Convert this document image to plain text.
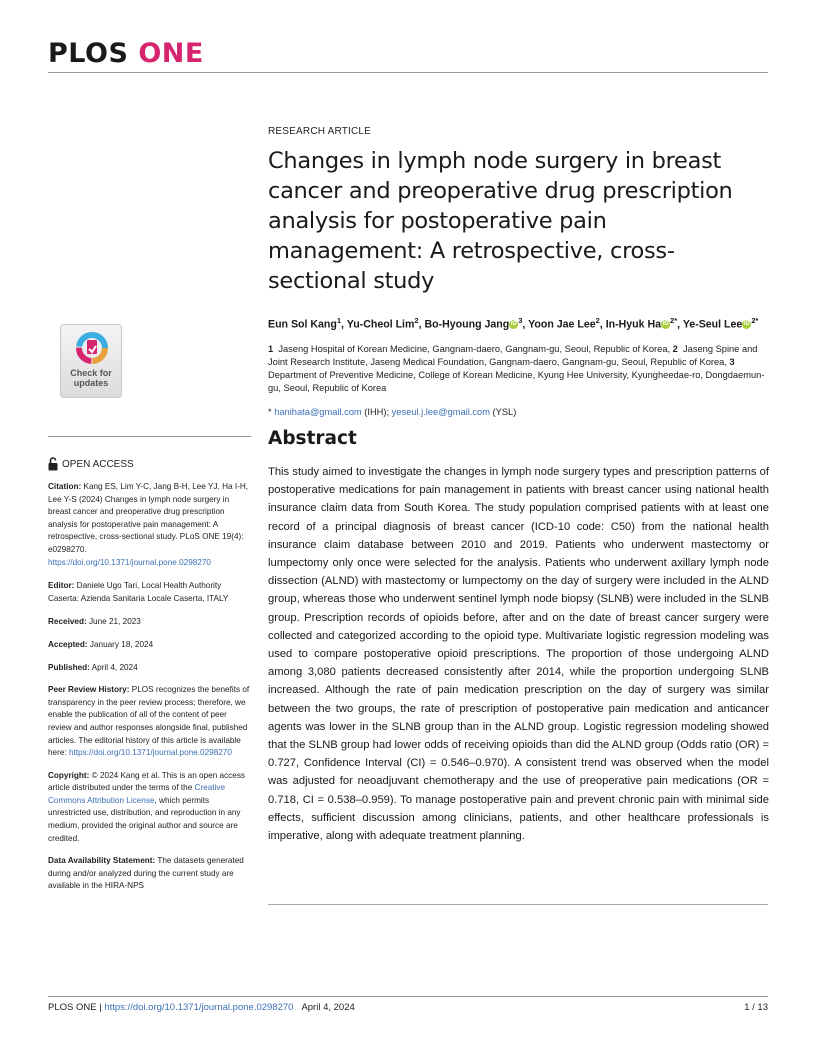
PLOS ONE
RESEARCH ARTICLE
Changes in lymph node surgery in breast cancer and preoperative drug prescription analysis for postoperative pain management: A retrospective, cross-sectional study
Eun Sol Kang$^1$, Yu-Cheol Lim$^2$, Bo-Hyoung Jang iD $^3$, Yoon Jae Lee$^2$, In-Hyuk Ha iD $^{2*}$, Ye-Seul Lee iD $^{2*}$
1 Jaseng Hospital of Korean Medicine, Gangnam-daero, Gangnam-gu, Seoul, Republic of Korea, 2 Jaseng Spine and Joint Research Institute, Jaseng Medical Foundation, Gangnam-daero, Gangnam-gu, Seoul, Republic of Korea, 3  Department of Preventive Medicine, College of Korean Medicine, Kyung Hee University, Kyungheedae-ro, Dongdaemun-gu, Seoul, Republic of Korea
* hanihata@gmail.com (IHH); yeseul.j.lee@gmail.com (YSL)
Check for
updates
Abstract

This study aimed to investigate the changes in lymph node surgery types and prescription patterns of postoperative medications for pain management in patients with breast cancer using national health insurance claim data from South Korea. The study population comprised patients with at least one record of a principal diagnosis of breast cancer (ICD-10 code: C50) from the national health insurance claim database between 2010 and 2019. Patients who underwent mastectomy or lumpectomy only once were selected for the analysis. Patients who underwent axillary lymph node dissection (ALND) with mastectomy or lumpectomy on the day of surgery were included in the ALND group, whereas those who underwent sentinel lymph node biopsy (SLNB) were included in the SLNB group. Prescription records of opioids before, after and on the date of breast cancer surgery were collected and categorized according to the opioid type. Multivariate logistic regression modeling was used to compare postoperative opioid prescriptions. The proportion of those undergoing ALND among 3,080 patients decreased consistently after 2014, while the proportion undergoing SLNB increased. Although the rate of pain medication prescription on the day of surgery was similar between the two groups, the rate of prescription of postoperative pain medication and anticancer agents was lower in the SLNB group than in the ALND group. Logistic regression modeling showed that the SLNB group had lower odds of receiving opioids than did the ALND group (Odds ratio (OR) = 0.727, Confidence Interval (CI) = 0.546–0.970). A consistent trend was observed when the model was adjusted for neoadjuvant chemotherapy and the use of preoperative pain medications (OR = 0.718, CI = 0.538–0.959). To manage postoperative pain and prevent chronic pain with minimal side effects, sufficient discussion among clinicians, patients, and other healthcare professionals is imperative, along with adequate treatment planning.

OPEN ACCESS
Citation: Kang ES, Lim Y-C, Jang B-H, Lee YJ, Ha I-H, Lee Y-S (2024) Changes in lymph node surgery in breast cancer and preoperative drug prescription analysis for postoperative pain management: A retrospective, cross-sectional study. PLoS ONE 19(4): e0298270. https://doi.org/10.1371/journal.pone.0298270
Editor: Daniele Ugo Tari, Local Health Authority Caserta: Azienda Sanitaria Locale Caserta, ITALY
Received: June 21, 2023
Accepted: January 18, 2024
Published: April 4, 2024
Peer Review History: PLOS recognizes the benefits of transparency in the peer review process; therefore, we enable the publication of all of the content of peer review and author responses alongside final, published articles. The editorial history of this article is available here: https://doi.org/10.1371/journal.pone.0298270
Copyright: © 2024 Kang et al. This is an open access article distributed under the terms of the Creative Commons Attribution License, which permits unrestricted use, distribution, and reproduction in any medium, provided the original author and source are credited.
Data Availability Statement: The datasets generated during and/or analyzed during the current study are available in the HIRA-NPS
PLOS ONE | https://doi.org/10.1371/journal.pone.0298270 April 4, 2024	1 / 13
